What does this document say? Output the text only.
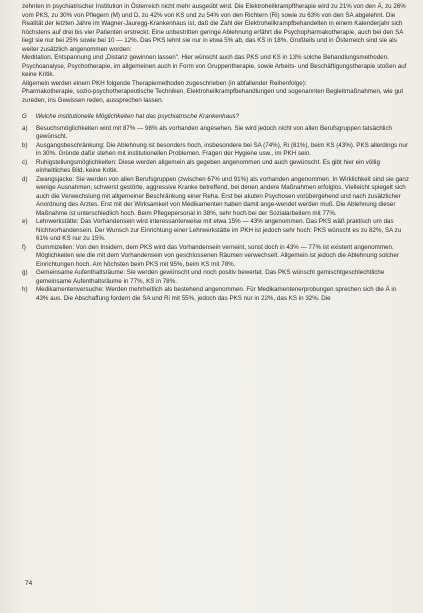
zehnten in psychiatrischer Institution in Österreich nicht mehr ausgeübt wird. Die Elektroheilkrampftherapie wird zu 21% von den Ä, zu 26% vom PKS, zu 30% von Pflegern (M) und D, zu 42% von KS und zu 54% von den Richtern (Ri) sowie zu 63% von den SA abgelehnt. Die Realität der letzten Jahre im Wagner-Jauregg-Krankenhaus ist, daß die Zahl der Elektroheilkrampfbehandelten in einem Kalenderjahr sich höchstens auf drei bis vier Patienten erstreckt. Eine unbestritten geringe Ablehnung erfährt die Psychopharmakotherapie, auch bei den SA liegt sie nur bei 25% sowie bei 10 — 12%. Das PKS lehnt sie nur in etwa 5% ab, das KS in 18%. Großteils und in Österreich sind sie als weiter zusätzlich angenommen worden:

Meditation, Entspannung und „Distanz gewinnen lassen". Hier wünscht auch das PKS und KS in 13% solche Behandlungsmethoden. Psychoanalyse, Psychotherapie, im allgemeinen auch in Form von Gruppentherapie, sowie Arbeits- und Beschäftigungstherapie stoßen auf keine Kritik.

Allgemein werden einem PKH folgende Therapiemethoden zugeschrieben (in abfallender Reihenfolge):

Pharmakotherapie, sozio-psychotherapeutische Techniken, Elektroheilkrampfbehandlungen und sogenannten Begleitmaßnahmen, wie gut zureden, ins Gewissen reden, aussprechen lassen.

G Welche institutionelle Möglichkeiten hat das psychiatrische Krankenhaus?

a) Besuchsmöglichkeiten wird mit 87% — 98% als vorhanden angesehen. Sie wird jedoch nicht von allen Berufsgruppen tatsächlich gewünscht.
b) Ausgangsbeschränkung: Die Ablehnung ist besonders hoch, insbesondere bei SA (74%), Ri (81%), beim KS (43%). PKS allerdings nur in 30%. Gründe dafür stehen mit institutionellen Problemen. Fragen der Hygiene usw., im PKH sein.
c) Ruhigstellungsmöglichkeiten: Diese werden allgemein als gegeben angenommen und auch gewünscht. Es gibt hier ein völlig einheitliches Bild, keine Kritik.
d) Zwangsjacke: Sie werden von allen Berufsgruppen (zwischen 67% und 91%) als vorhanden angenommen. In Wirklichkeit sind sie ganz wenige Ausnahmen, schwerst gestörte, aggressive Kranke betreffend, bei denen andere Maßnahmen erfolglos. Vielleicht spiegelt sich auch die Verwechslung mit allgemeiner Beschränkung einer Reha. Erst bei akuten Psychosen vorübergehend und nach zusätzlicher Anordnung des Arztes. Erst mit der Wirksamkeit von Medikamenten haben damit ange-wendet werden muß. Die Ablehnung dieser Maßnahme ist unterschiedlich hoch. Beim Pflegepersonal in 38%, sehr hoch bei der Sozialarbeitern mit 77%.
e) Lehrwerkstätte: Das Vorhandensein wird interessanterweise mit etwa 15% — 43% angenommen. Das PKS wäß praktisch um das Nichtvorhandensein. Der Wunsch zur Einrichtung einer Lehrwerkstätte im PKH ist jedoch sehr hoch: PKS wünscht es zu 82%, SA zu 61% und KS nur zu 15%.
f) Gummizellen: Von den Insidern, dem PKS wird das Vorhandensein verneint, sonst doch in 43% — 77% ist existent angenommen. Möglichkeiten wie die mit dem Vorhandensein von geschlossenen Räumen verwechselt. Allgemein ist jedoch die Ablehnung solcher Einrichtungen hoch. Am höchsten beim PKS mit 95%, beim KS mit 78%.
g) Gemeinsame Aufenthaltsräume: Sie werden gewünscht und noch positiv bewertet. Das PKS wünscht gemischtgeschlechtliche gemeinsame Aufenthaltsräume in 77%, KS in 78%.
h) Medikamentenversuche: Werden mehrheitlich als bestehend angenommen. Für Medikamentenerprobungen sprechen sich die Ä in 43% aus. Die Abschaffung fordern die SA und Ri mit 55%, jedoch das PKS nur in 22%, das KS in 32%. Die
74
